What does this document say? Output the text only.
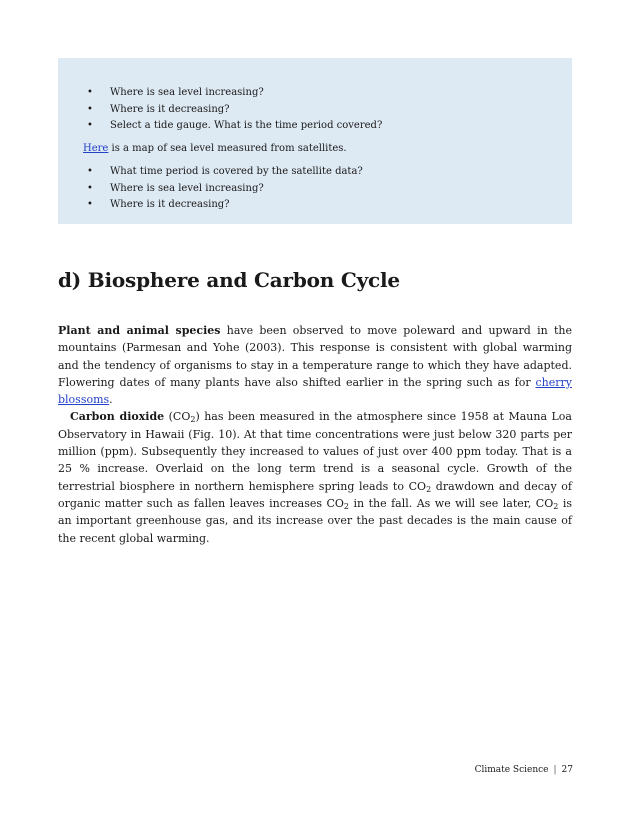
• Where is sea level increasing?
• Where is it decreasing?
• Select a tide gauge. What is the time period covered?

Here is a map of sea level measured from satellites.

• What time period is covered by the satellite data?
• Where is sea level increasing?
• Where is it decreasing?
d) Biosphere and Carbon Cycle

Plant and animal species have been observed to move poleward and upward in the mountains (Parmesan and Yohe (2003). This response is consistent with global warming and the tendency of organisms to stay in a temperature range to which they have adapted. Flowering dates of many plants have also shifted earlier in the spring such as for cherry blossoms.

Carbon dioxide $(CO_2)$ has been measured in the atmosphere since 1958 at Mauna Loa Observatory in Hawaii (Fig. 10). At that time concentrations were just below 320 parts per million (ppm). Subsequently they increased to values of just over 400 ppm today. That is a 25 % increase. Overlaid on the long term trend is a seasonal cycle. Growth of the terrestrial biosphere in northern hemisphere spring leads to $CO_2$ drawdown and decay of organic matter such as fallen leaves increases $CO_2$ in the fall. As we will see later, $CO_2$ is an important greenhouse gas, and its increase over the past decades is the main cause of the recent global warming.

Climate Science | 27
